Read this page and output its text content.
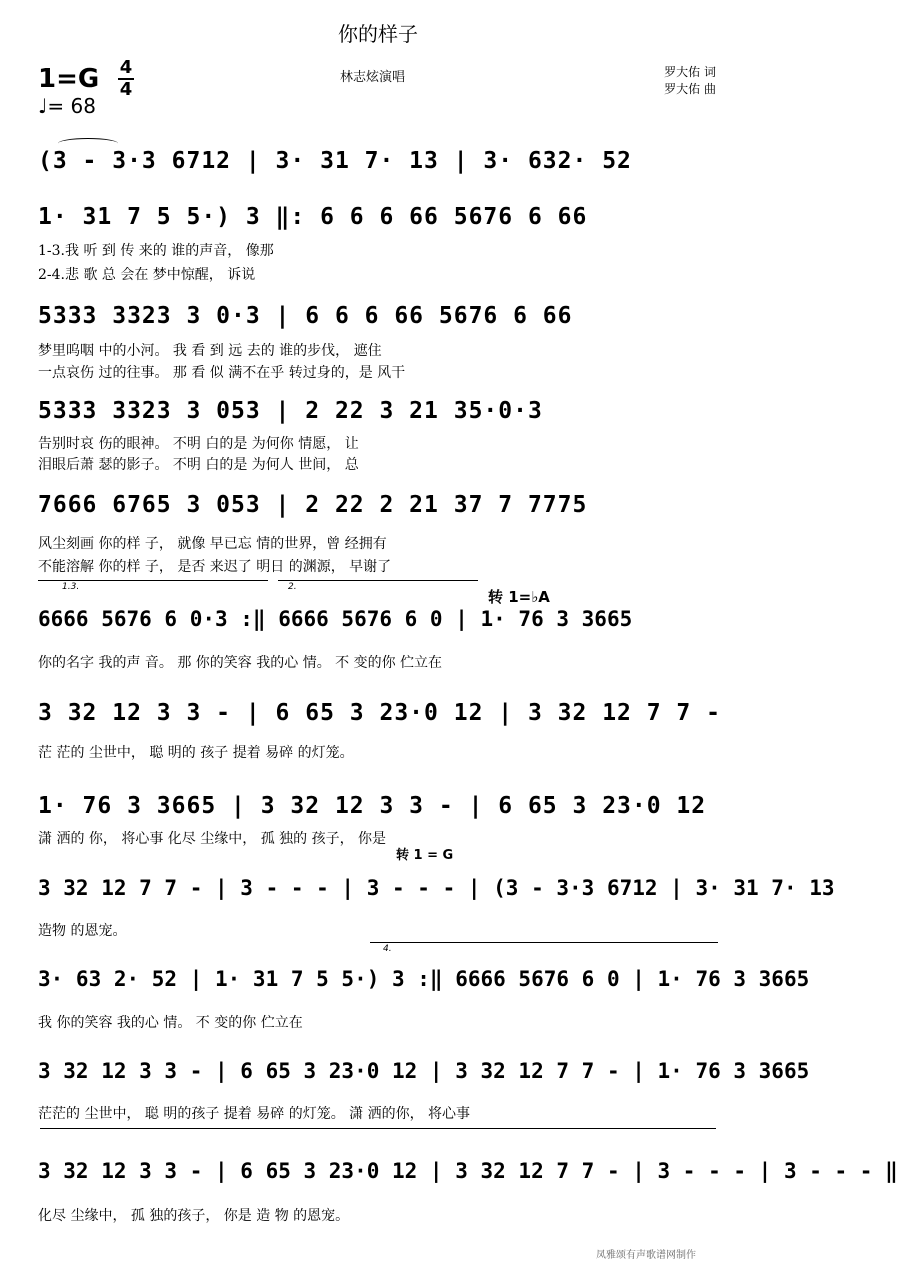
你的样子
林志炫演唱	罗大佑 词
罗大佑 曲
1=G 4
4
♩= 68
(3 - 3·3 6712 | 3· 31 7· 13 | 3· 632· 52
1· 31 7 5 5·) 3 ‖: 6 6 6 66 5676 6 66
1-3.我 听 到 传 来的 谁的声音， 像那
2-4.悲 歌 总 会在 梦中惊醒， 诉说
5333 3323 3 0·3 | 6 6 6 66 5676 6 66
梦里呜咽 中的小河。 我 看 到 远 去的 谁的步伐， 遮住
一点哀伤 过的往事。 那 看 似 满不在乎 转过身的，是 风干
5333 3323 3 053 | 2 22 3 21 35·0·3
告别时哀 伤的眼神。 不明 白的是 为何你 情愿， 让
泪眼后萧 瑟的影子。 不明 白的是 为何人 世间， 总
7666 6765 3 053 | 2 22 2 21 37 7 7775
风尘刻画 你的样 子， 就像 早已忘 情的世界，曾 经拥有
不能溶解 你的样 子， 是否 来迟了 明日 的渊源， 早谢了
1.3.	2.
转 1=♭A
6666 5676 6 0·3 :‖ 6666 5676 6 0 | 1· 76 3 3665
你的名字 我的声 音。 那 你的笑容 我的心 情。 不 变的你 伫立在
3 32 12 3 3 - | 6 65 3 23·0 12 | 3 32 12 7 7 -
茫 茫的 尘世中， 聪 明的 孩子 提着 易碎 的灯笼。
1· 76 3 3665 | 3 32 12 3 3 - | 6 65 3 23·0 12
潇 洒的 你， 将心事 化尽 尘缘中， 孤 独的 孩子， 你是
转 1 = G
3 32 12 7 7 - | 3 - - - | 3 - - - | (3 - 3·3 6712 | 3· 31 7· 13
造物 的恩宠。
4.
3· 63 2· 52 | 1· 31 7 5 5·) 3 :‖ 6666 5676 6 0 | 1· 76 3 3665
我 你的笑容 我的心 情。 不 变的你 伫立在
3 32 12 3 3 - | 6 65 3 23·0 12 | 3 32 12 7 7 - | 1· 76 3 3665
茫茫的 尘世中， 聪 明的孩子 提着 易碎 的灯笼。 潇 洒的你， 将心事
3 32 12 3 3 - | 6 65 3 23·0 12 | 3 32 12 7 7 - | 3 - - - | 3 - - - ‖
化尽 尘缘中， 孤 独的孩子， 你是 造 物 的恩宠。
凤雅颂有声歌谱网制作
